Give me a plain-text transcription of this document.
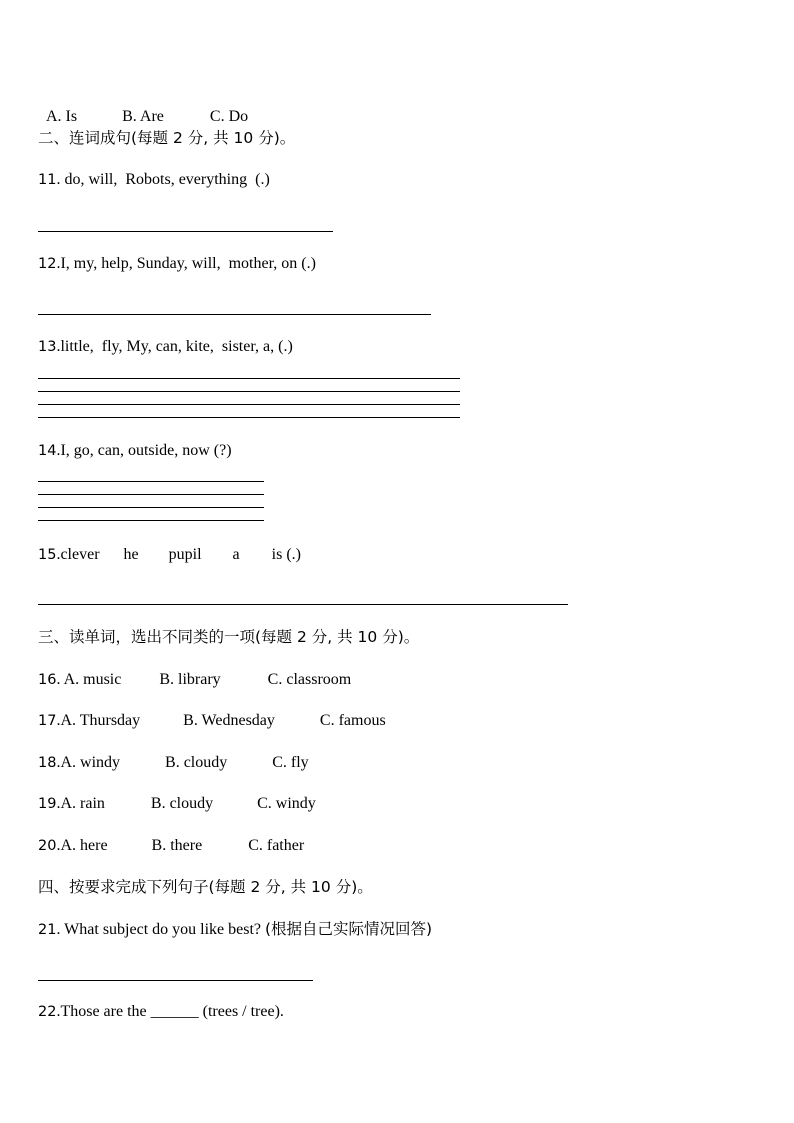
A. Is	B. Are	C. Do

二、连词成句(每题 2 分, 共 10 分)。
11. do, will,  Robots, everything  (.)
12.I, my, help, Sunday, will,  mother, on (.)
13.little,  fly, My, can, kite,  sister, a, (.)
14.I, go, can, outside, now (?)
15.clever he pupil a is (.)
三、读单词，选出不同类的一项(每题 2 分, 共 10 分)。
16. A. music B. library	C. classroom
17.A. Thursday	B. Wednesday	C. famous
18.A. windy	B. cloudy	C. fly
19.A. rain	B. cloudy	C. windy
20.A. here	B. there	C. father
四、按要求完成下列句子(每题 2 分, 共 10 分)。
21. What subject do you like best? (根据自己实际情况回答)
22.Those are the ______ (trees / tree).
